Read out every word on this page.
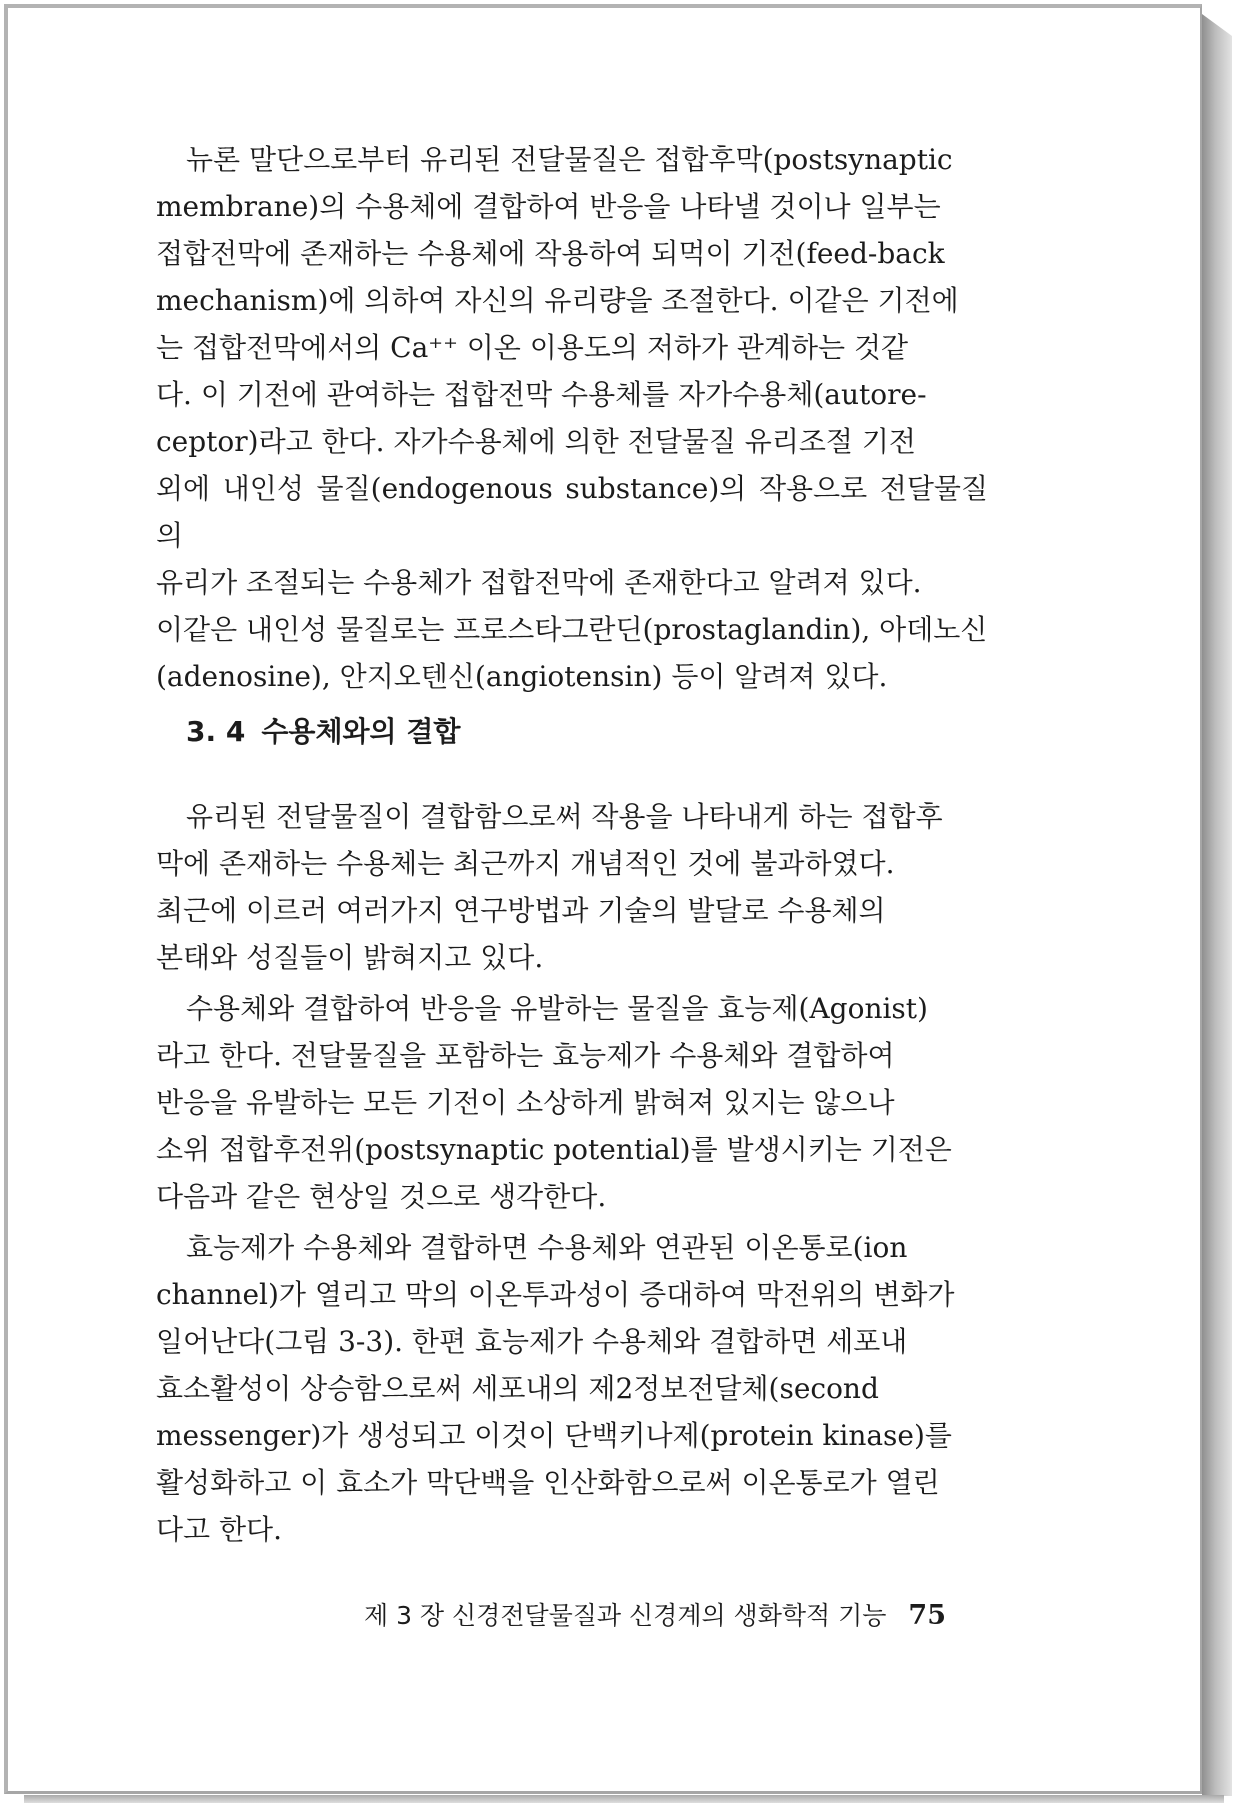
뉴론 말단으로부터 유리된 전달물질은 접합후막(postsynaptic
membrane)의 수용체에 결합하여 반응을 나타낼 것이나 일부는
접합전막에 존재하는 수용체에 작용하여 되먹이 기전(feed-back
mechanism)에 의하여 자신의 유리량을 조절한다. 이같은 기전에
는 접합전막에서의 Ca⁺⁺ 이온 이용도의 저하가 관계하는 것같
다. 이 기전에 관여하는 접합전막 수용체를 자가수용체(autore-
ceptor)라고 한다. 자가수용체에 의한 전달물질 유리조절 기전
외에 내인성 물질(endogenous substance)의 작용으로 전달물질의
유리가 조절되는 수용체가 접합전막에 존재한다고 알려져 있다.
이같은 내인성 물질로는 프로스타그란딘(prostaglandin), 아데노신
(adenosine), 안지오텐신(angiotensin) 등이 알려져 있다.

3. 4 수용체와의 결합

유리된 전달물질이 결합함으로써 작용을 나타내게 하는 접합후
막에 존재하는 수용체는 최근까지 개념적인 것에 불과하였다.
최근에 이르러 여러가지 연구방법과 기술의 발달로 수용체의
본태와 성질들이 밝혀지고 있다.

수용체와 결합하여 반응을 유발하는 물질을 효능제(Agonist)
라고 한다. 전달물질을 포함하는 효능제가 수용체와 결합하여
반응을 유발하는 모든 기전이 소상하게 밝혀져 있지는 않으나
소위 접합후전위(postsynaptic potential)를 발생시키는 기전은
다음과 같은 현상일 것으로 생각한다.

효능제가 수용체와 결합하면 수용체와 연관된 이온통로(ion
channel)가 열리고 막의 이온투과성이 증대하여 막전위의 변화가
일어난다(그림 3-3). 한편 효능제가 수용체와 결합하면 세포내
효소활성이 상승함으로써 세포내의 제2정보전달체(second
messenger)가 생성되고 이것이 단백키나제(protein kinase)를
활성화하고 이 효소가 막단백을 인산화함으로써 이온통로가 열린
다고 한다.

제 3 장 신경전달물질과 신경계의 생화학적 기능 75
